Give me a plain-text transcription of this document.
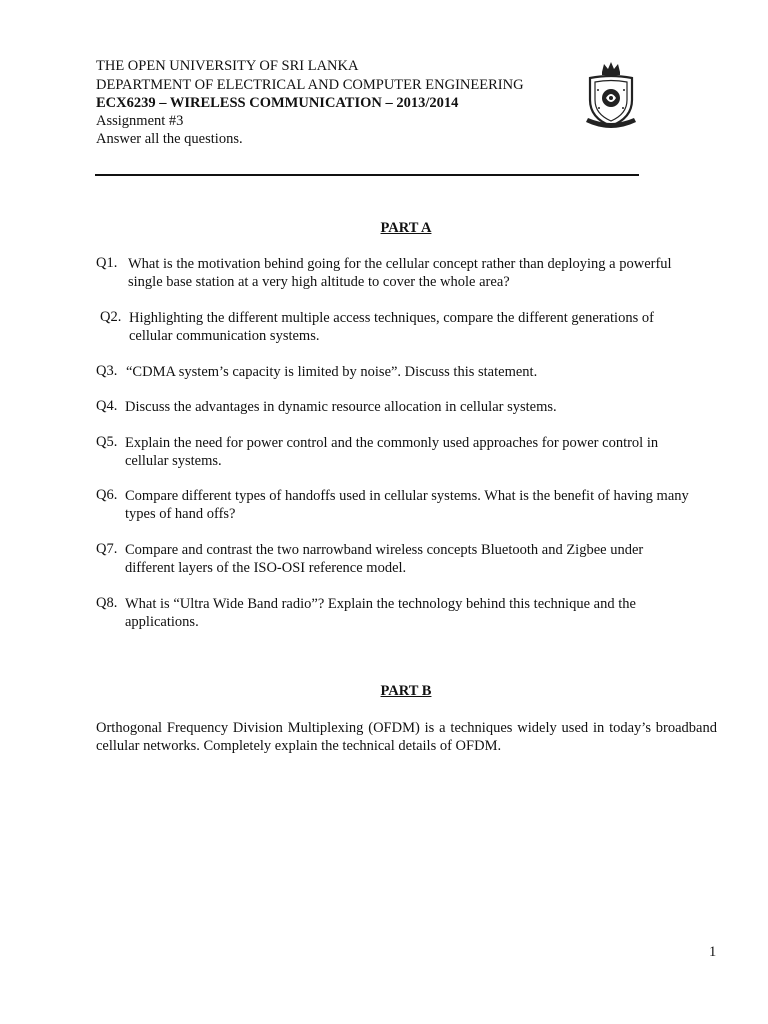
THE OPEN UNIVERSITY OF SRI LANKA
DEPARTMENT OF ELECTRICAL AND COMPUTER ENGINEERING
ECX6239 – WIRELESS COMMUNICATION – 2013/2014
Assignment #3
Answer all the questions.
PART A
Q1. What is the motivation behind going for the cellular concept rather than deploying a powerful
single base station at a very high altitude to cover the whole area?
Q2. Highlighting the different multiple access techniques, compare the different generations of
cellular communication systems.
Q3. “CDMA system’s capacity is limited by noise”. Discuss this statement.
Q4. Discuss the advantages in dynamic resource allocation in cellular systems.
Q5. Explain the need for power control and the commonly used approaches for power control in
cellular systems.
Q6. Compare different types of handoffs used in cellular systems. What is the benefit of having many
types of hand offs?
Q7. Compare and contrast the two narrowband wireless concepts Bluetooth and Zigbee under
different layers of the ISO-OSI reference model.
Q8. What is “Ultra Wide Band radio”? Explain the technology behind this technique and the
applications.
PART B
Orthogonal Frequency Division Multiplexing (OFDM) is a techniques widely used in today’s broadband cellular networks. Completely explain the technical details of OFDM.
1
